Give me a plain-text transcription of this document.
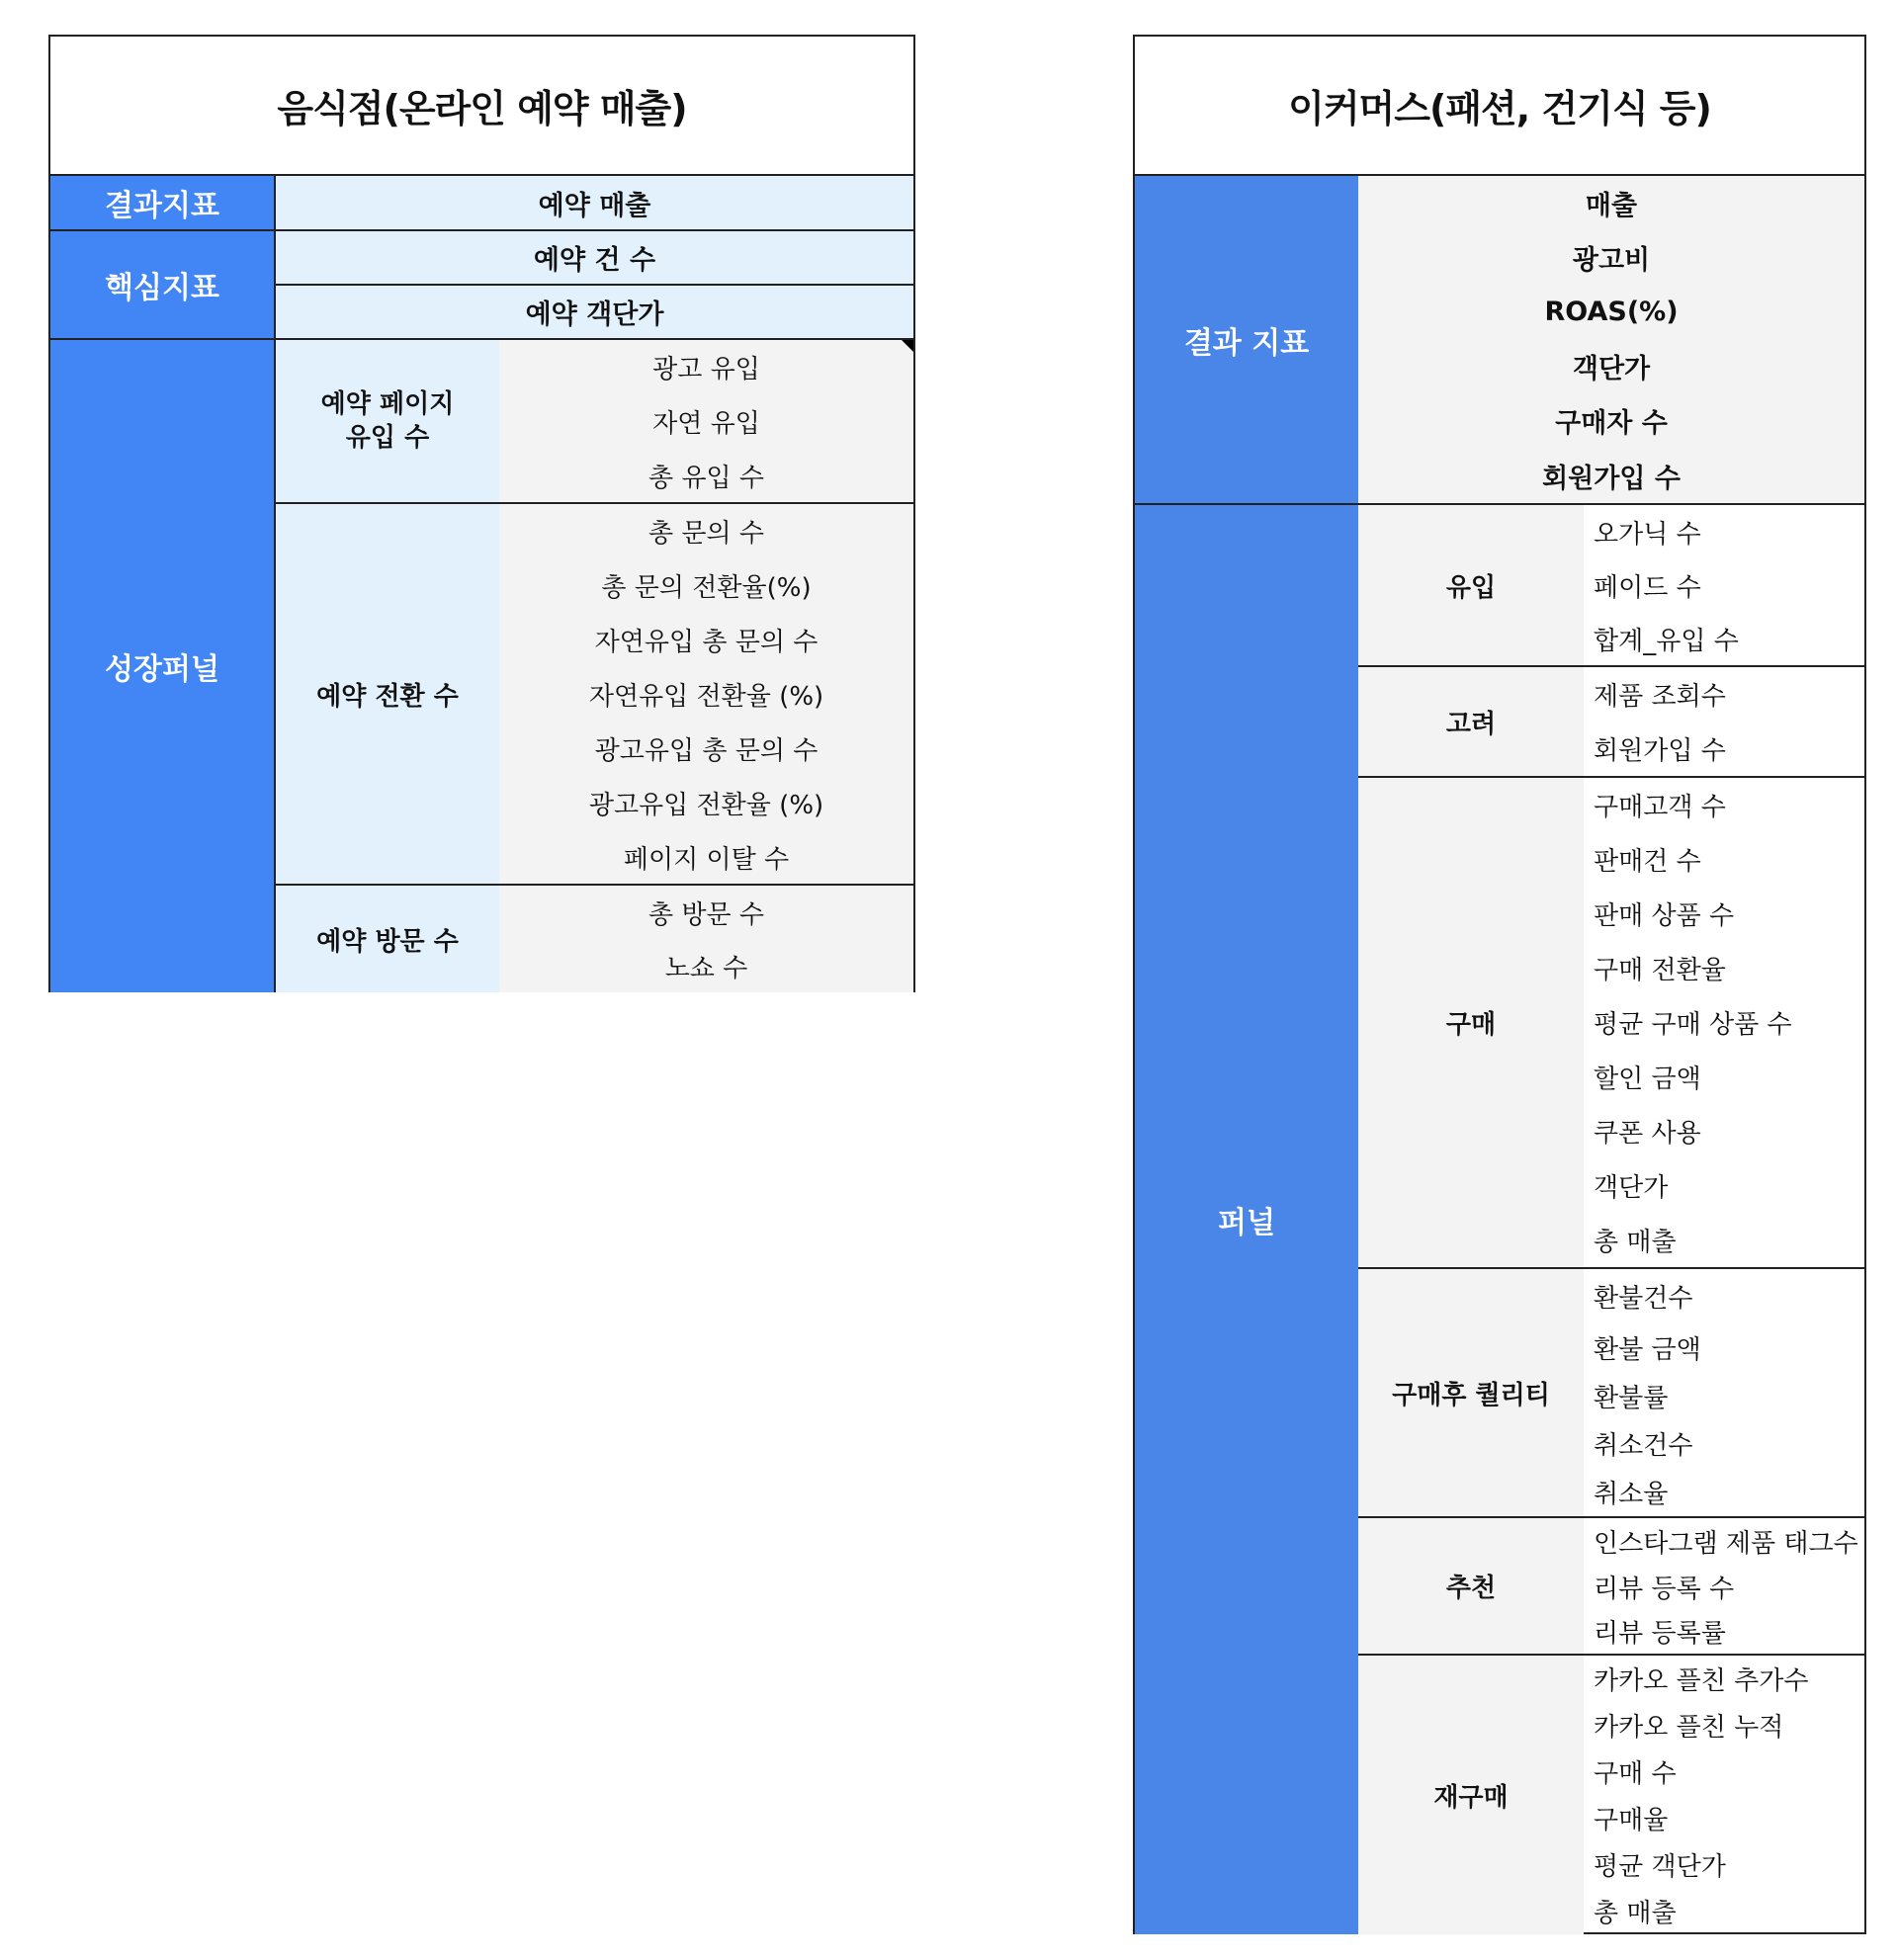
음식점(온라인 예약 매출)
결과지표	예약 매출
핵심지표
예약 건 수
예약 객단가
성장퍼널
예약 페이지
유입 수
광고 유입
자연 유입
총 유입 수
예약 전환 수
총 문의 수
총 문의 전환율(%)
자연유입 총 문의 수
자연유입 전환율 (%)
광고유입 총 문의 수
광고유입 전환율 (%)
페이지 이탈 수
예약 방문 수
총 방문 수
노쇼 수
이커머스(패션, 건기식 등)
결과 지표
매출
광고비
ROAS(%)
객단가
구매자 수
회원가입 수
퍼널
유입
오가닉 수
페이드 수
합계_유입 수
고려
제품 조회수
회원가입 수
구매
구매고객 수
판매건 수
판매 상품 수
구매 전환율
평균 구매 상품 수
할인 금액
쿠폰 사용
객단가
총 매출
구매후 퀄리티
환불건수
환불 금액
환불률
취소건수
취소율
추천
인스타그램 제품 태그수
리뷰 등록 수
리뷰 등록률
재구매
카카오 플친 추가수
카카오 플친 누적
구매 수
구매율
평균 객단가
총 매출
